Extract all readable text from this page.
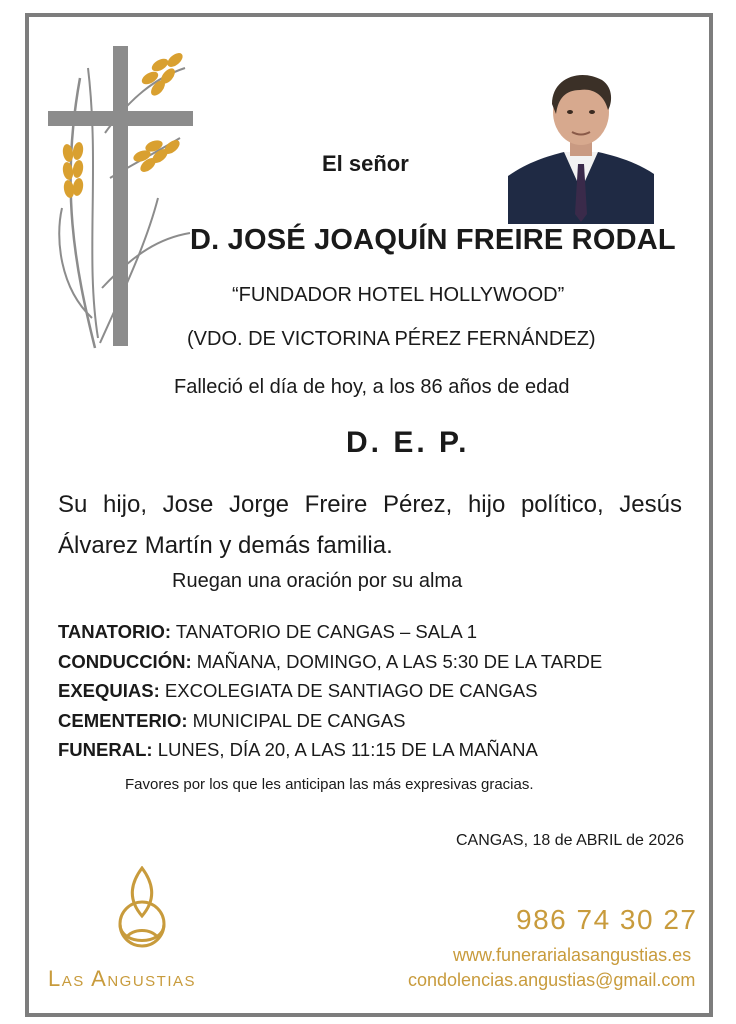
El señor
D. JOSÉ JOAQUÍN FREIRE RODAL
“FUNDADOR HOTEL HOLLYWOOD”
(VDO. DE VICTORINA PÉREZ FERNÁNDEZ)
Falleció el día de hoy, a los 86 años de edad
D. E. P.
Su hijo, Jose Jorge Freire Pérez, hijo político, Jesús Álvarez Martín y demás familia.
Ruegan una oración por su alma
TANATORIO: TANATORIO DE CANGAS – SALA 1
CONDUCCIÓN: MAÑANA, DOMINGO, A LAS 5:30 DE LA TARDE
EXEQUIAS: EXCOLEGIATA DE SANTIAGO DE CANGAS
CEMENTERIO: MUNICIPAL DE CANGAS
FUNERAL: LUNES, DÍA 20, A LAS 11:15 DE LA MAÑANA
Favores por los que les anticipan las más expresivas gracias.
CANGAS, 18 de ABRIL de 2026
Las Angustias
986 74 30 27
www.funerarialasangustias.es
condolencias.angustias@gmail.com
